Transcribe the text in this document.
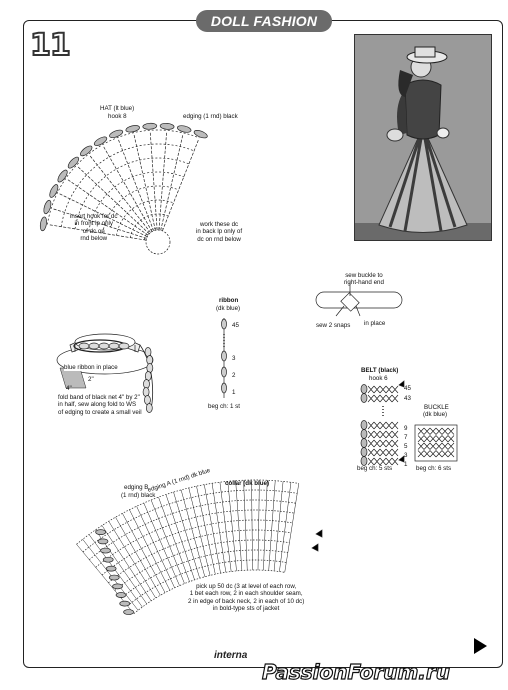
DOLL FASHION
11
HAT (lt blue)
hook 8	edging (1 rnd) black
insert hook for dc
in front lp only
of dc on
rnd below
work these dc
in back lp only of
dc on rnd below
sew buckle to
right-hand end
sew 2 snaps in place
ribbon
(dk blue)
45
3
2
1
beg ch: 1 st
blue ribbon in place
4"
2"
fold band of black net 4" by 2"
in half, sew along fold to WS
of edging to create a small veil
BELT (black)
hook 6
45
43
9
7
5
3
1
beg ch: 5 sts
BUCKLE
(dk blue)
beg ch: 6 sts
edging B
(1 rnd) black
edging A (1 rnd) dk blue collar (dk blue)
pick up 50 dc (3 at level of each row,
1 bet each row, 2 in each shoulder seam,
2 in edge of back neck, 2 in each of 10 dc)
in bold-type sts of jacket
interna
PassionForum.ru
